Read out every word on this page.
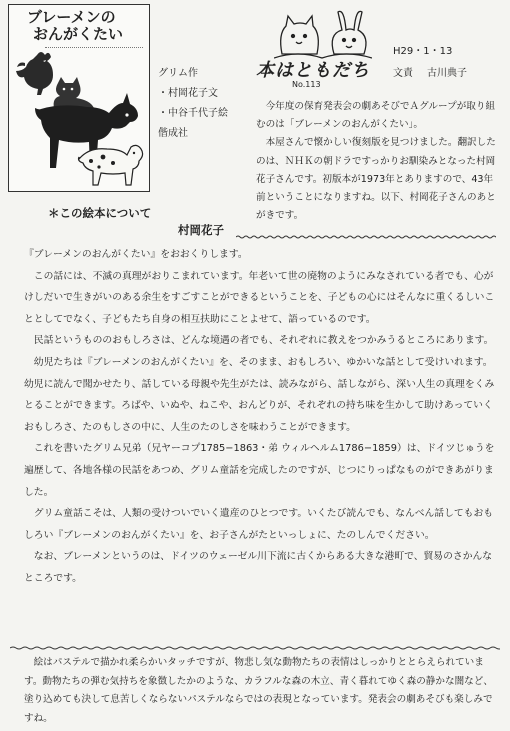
ブレーメンの
おんがくたい
グリム作
・村岡花子文
・中谷千代子絵
偕成社
本はともだち
No.113
H29・1・13
文責 古川典子

今年度の保育発表会の劇あそびでＡグループが取り組むのは「ブレーメンのおんがくたい」。

本屋さんで懐かしい復刻版を見つけました。翻訳したのは、ＮＨＫの朝ドラですっかりお馴染みとなった村岡花子さんです。初版本が1973年とありますので、43年前ということになりますね。以下、村岡花子さんのあとがきです。

＊この絵本について
村岡花子

『ブレーメンのおんがくたい』をおおくりします。

この話には、不滅の真理がおりこまれています。年老いて世の廃物のようにみなされている者でも、心がけしだいで生きがいのある余生をすごすことができるということを、子どもの心にはそんなに重くるしいこととしてでなく、子どもたち自身の相互扶助にことよせて、語っているのです。

民話というもののおもしろさは、どんな境遇の者でも、それぞれに教えをつかみうるところにあります。

幼児たちは『ブレーメンのおんがくたい』を、そのまま、おもしろい、ゆかいな話として受けいれます。幼児に読んで聞かせたり、話している母親や先生がたは、読みながら、話しながら、深い人生の真理をくみとることができます。ろばや、いぬや、ねこや、おんどりが、それぞれの持ち味を生かして助けあっていくおもしろさ、たのもしさの中に、人生のたのしさを味わうことができます。

これを書いたグリム兄弟（兄ヤーコプ1785−1863・弟 ウィルヘルム1786−1859）は、ドイツじゅうを遍歴して、各地各様の民話をあつめ、グリム童話を完成したのですが、じつにりっぱなものができあがりました。

グリム童話こそは、人類の受けついでいく遺産のひとつです。いくたび読んでも、なんべん話してもおもしろい『ブレーメンのおんがくたい』を、お子さんがたといっしょに、たのしんでください。

なお、ブレーメンというのは、ドイツのウェーゼル川下流に古くからある大きな港町で、貿易のさかんなところです。

絵はパステルで描かれ柔らかいタッチですが、物悲し気な動物たちの表情はしっかりととらえられています。動物たちの弾む気持ちを象徴したかのような、カラフルな森の木立、青く暮れてゆく森の静かな闇など、塗り込めても決して息苦しくならないパステルならではの表現となっています。発表会の劇あそびも楽しみですね。
